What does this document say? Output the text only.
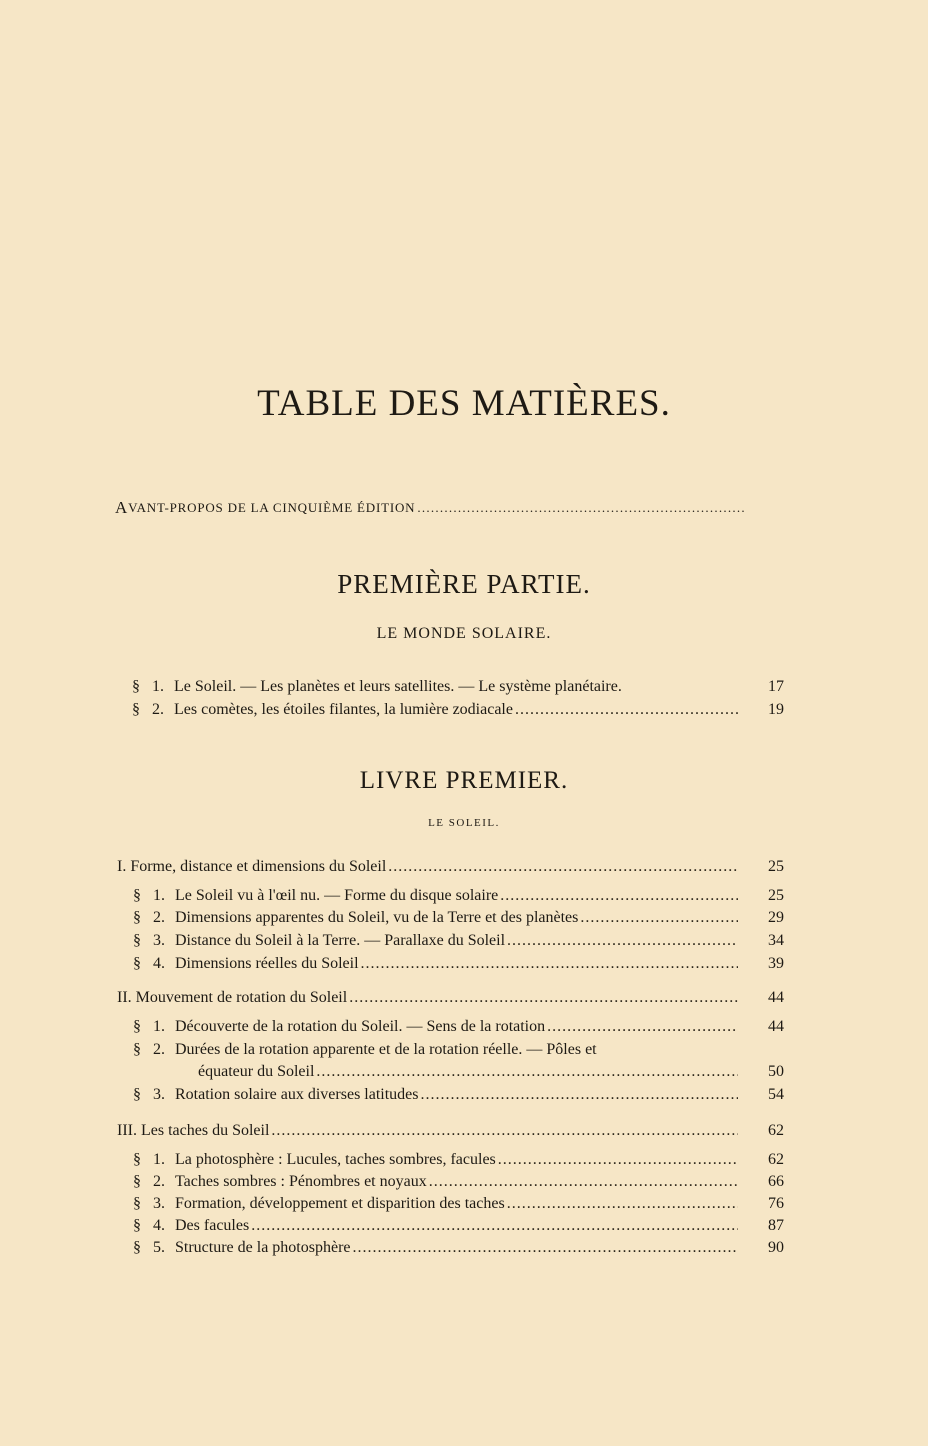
TABLE DES MATIÈRES.
A VANT-PROPOS DE LA CINQUIÈME ÉDITION
. . .
PREMIÈRE PARTIE.
LE MONDE SOLAIRE.
§ 1. Le Soleil. — Les planètes et leurs satellites. — Le système planétaire.	17
§ 2. Les comètes, les étoiles filantes, la lumière zodiacale . . .	19
LIVRE PREMIER.
LE SOLEIL.
I. Forme, distance et dimensions du Soleil . . .	25
§ 1. Le Soleil vu à l'œil nu. — Forme du disque solaire . . .	25
§ 2. Dimensions apparentes du Soleil, vu de la Terre et des planètes . . .	29
§ 3. Distance du Soleil à la Terre. — Parallaxe du Soleil . . .	34
§ 4. Dimensions réelles du Soleil . . .	39
II. Mouvement de rotation du Soleil . . .	44
§ 1. Découverte de la rotation du Soleil. — Sens de la rotation . . .	44
§ 2. Durées de la rotation apparente et de la rotation réelle. — Pôles et
équateur du Soleil . . .	50
§ 3. Rotation solaire aux diverses latitudes . . .	54
III. Les taches du Soleil . . .	62
§ 1. La photosphère : Lucules, taches sombres, facules . . .	62
§ 2. Taches sombres : Pénombres et noyaux . . .	66
§ 3. Formation, développement et disparition des taches . . .	76
§ 4. Des facules . . .	87
§ 5. Structure de la photosphère . . .	90
